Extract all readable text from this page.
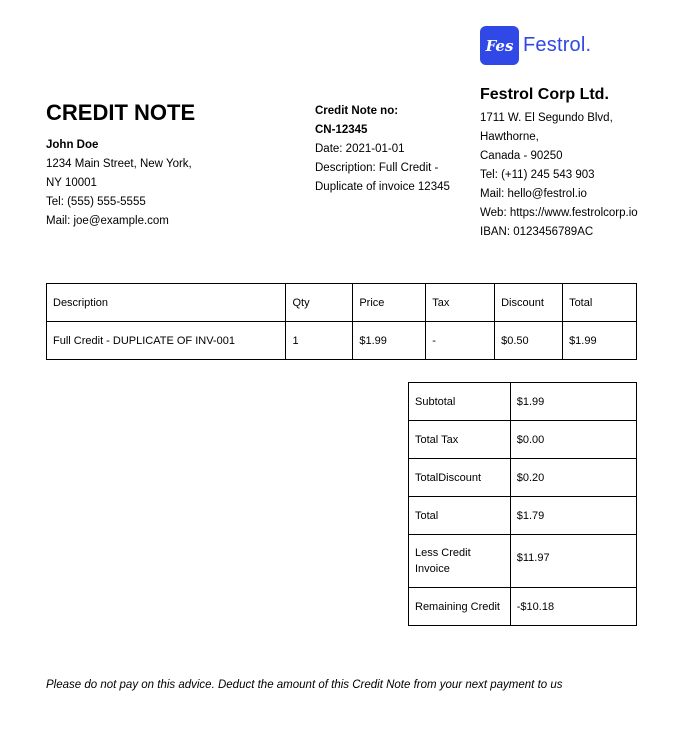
Fes Festrol.
CREDIT NOTE
John Doe
1234 Main Street, New York,
NY 10001
Tel: (555) 555-5555
Mail: joe@example.com
Credit Note no:
CN-12345
Date: 2021-01-01
Description: Full Credit - Duplicate of invoice 12345
Festrol Corp Ltd.
1711 W. El Segundo Blvd,
Hawthorne,
Canada - 90250
Tel: (+11) 245 543 903
Mail: hello@festrol.io
Web: https://www.festrolcorp.io
IBAN: 0123456789AC
Description	Qty	Price	Tax	Discount	Total
Full Credit - DUPLICATE OF INV-001	1	$1.99	-	$0.50	$1.99
Subtotal	$1.99
Total Tax	$0.00
TotalDiscount	$0.20
Total	$1.79
Less Credit Invoice	$11.97
Remaining Credit	-$10.18
Please do not pay on this advice. Deduct the amount of this Credit Note from your next payment to us
